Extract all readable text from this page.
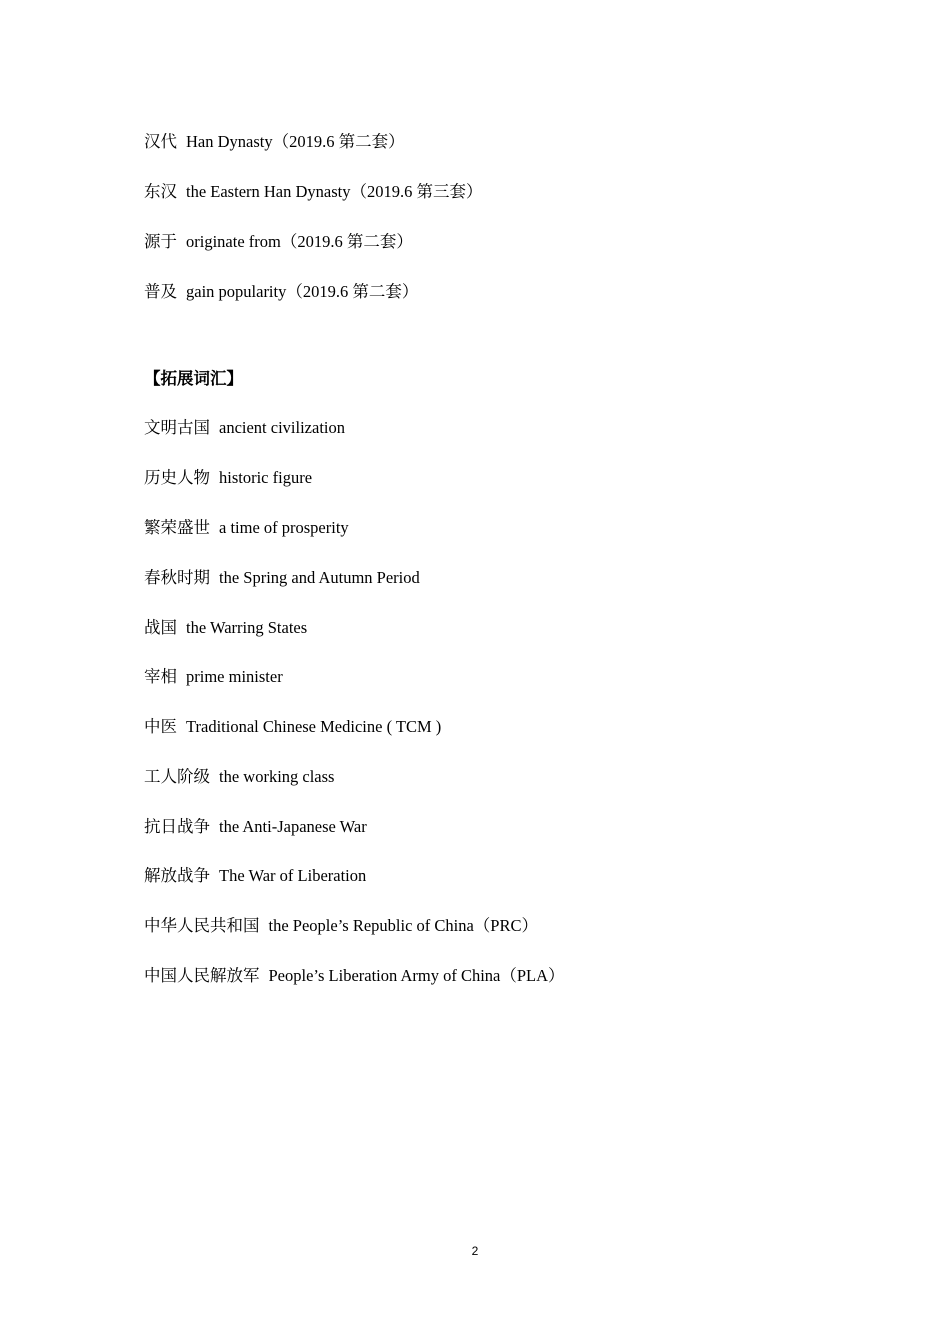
汉代 Han Dynasty（2019.6 第二套）
东汉 the Eastern Han Dynasty（2019.6 第三套）
源于 originate from（2019.6 第二套）
普及 gain popularity（2019.6 第二套）
【拓展词汇】
文明古国 ancient civilization
历史人物 historic figure
繁荣盛世 a time of prosperity
春秋时期 the Spring and Autumn Period
战国 the Warring States
宰相 prime minister
中医 Traditional Chinese Medicine ( TCM )
工人阶级 the working class
抗日战争 the Anti-Japanese War
解放战争 The War of Liberation
中华人民共和国 the People’s Republic of China（PRC）
中国人民解放军 People’s Liberation Army of China（PLA）
2
